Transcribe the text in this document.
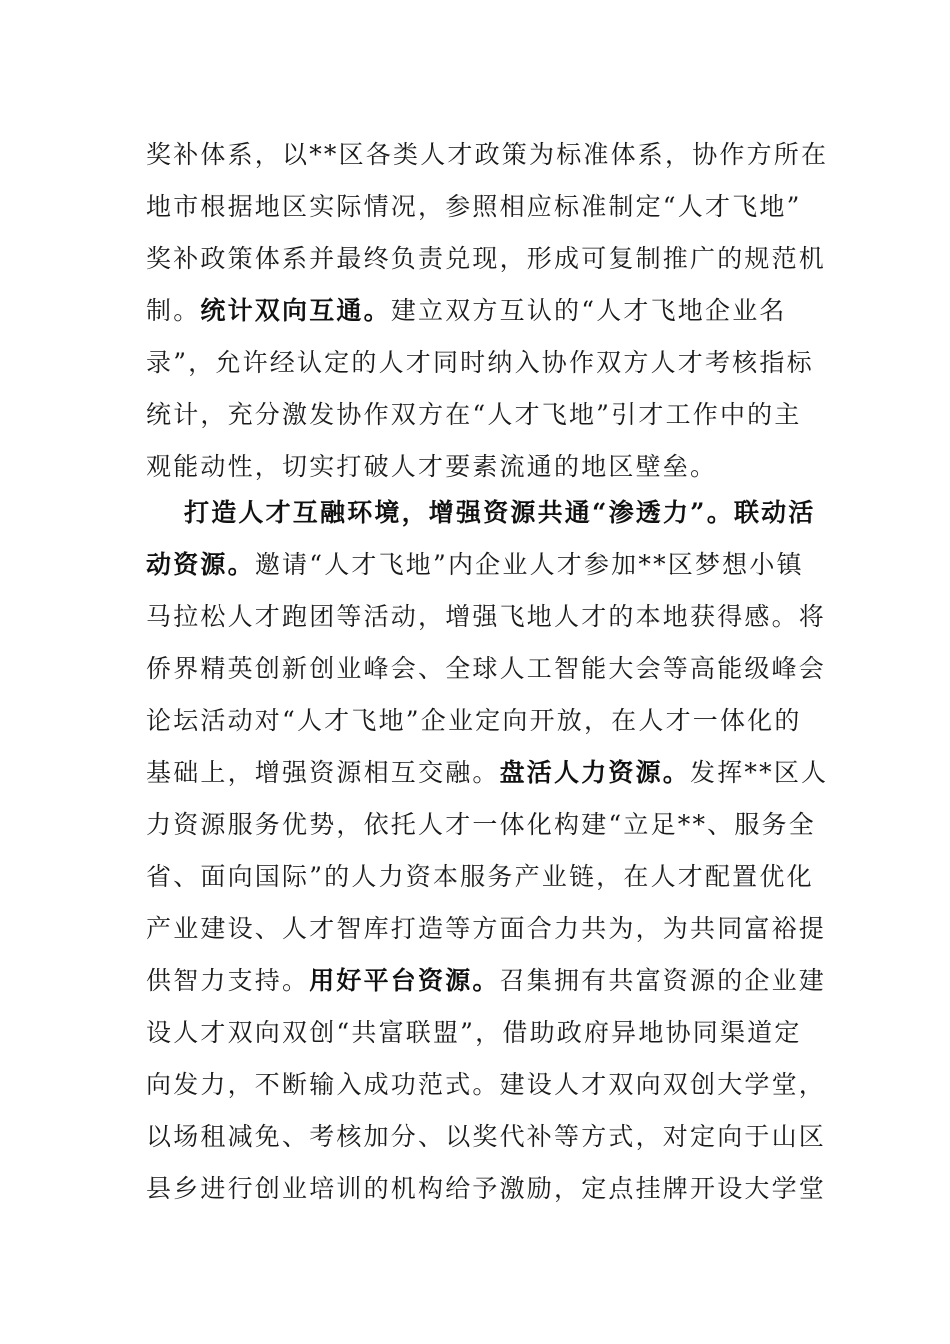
奖补体系，以**区各类人才政策为标准体系，协作方所在
地市根据地区实际情况，参照相应标准制定“人才飞地”
奖补政策体系并最终负责兑现，形成可复制推广的规范机
制。统计双向互通。建立双方互认的“人才飞地企业名
录”，允许经认定的人才同时纳入协作双方人才考核指标
统计，充分激发协作双方在“人才飞地”引才工作中的主
观能动性，切实打破人才要素流通的地区壁垒。
打造人才互融环境，增强资源共通“渗透力”。联动活
动资源。邀请“人才飞地”内企业人才参加**区梦想小镇
马拉松人才跑团等活动，增强飞地人才的本地获得感。将
侨界精英创新创业峰会、全球人工智能大会等高能级峰会
论坛活动对“人才飞地”企业定向开放，在人才一体化的
基础上，增强资源相互交融。盘活人力资源。发挥**区人
力资源服务优势，依托人才一体化构建“立足**、服务全
省、面向国际”的人力资本服务产业链，在人才配置优化
产业建设、人才智库打造等方面合力共为，为共同富裕提
供智力支持。用好平台资源。召集拥有共富资源的企业建
设人才双向双创“共富联盟”，借助政府异地协同渠道定
向发力，不断输入成功范式。建设人才双向双创大学堂，
以场租减免、考核加分、以奖代补等方式，对定向于山区
县乡进行创业培训的机构给予激励，定点挂牌开设大学堂
